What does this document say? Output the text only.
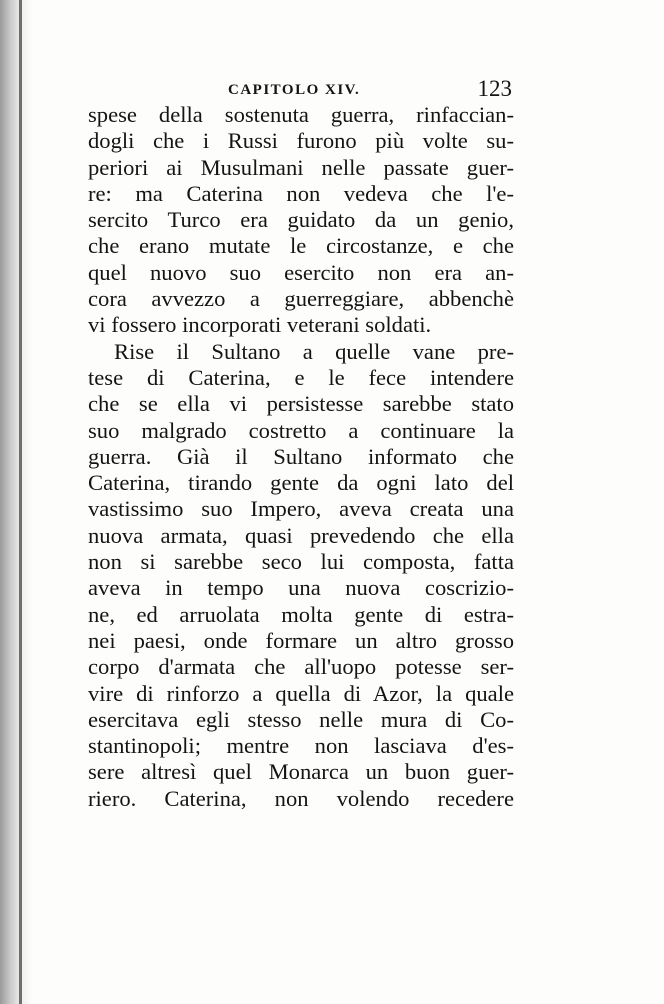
CAPITOLO XIV.	123
spese della sostenuta guerra, rinfaccian-
dogli che i Russi furono più volte su-
periori ai Musulmani nelle passate guer-
re: ma Caterina non vedeva che l'e-
sercito Turco era guidato da un genio,
che erano mutate le circostanze, e che
quel nuovo suo esercito non era an-
cora avvezzo a guerreggiare, abbenchè
vi fossero incorporati veterani soldati.
Rise il Sultano a quelle vane pre-
tese di Caterina, e le fece intendere
che se ella vi persistesse sarebbe stato
suo malgrado costretto a continuare la
guerra. Già il Sultano informato che
Caterina, tirando gente da ogni lato del
vastissimo suo Impero, aveva creata una
nuova armata, quasi prevedendo che ella
non si sarebbe seco lui composta, fatta
aveva in tempo una nuova coscrizio-
ne, ed arruolata molta gente di estra-
nei paesi, onde formare un altro grosso
corpo d'armata che all'uopo potesse ser-
vire di rinforzo a quella di Azor, la quale
esercitava egli stesso nelle mura di Co-
stantinopoli; mentre non lasciava d'es-
sere altresì quel Monarca un buon guer-
riero. Caterina, non volendo recedere
